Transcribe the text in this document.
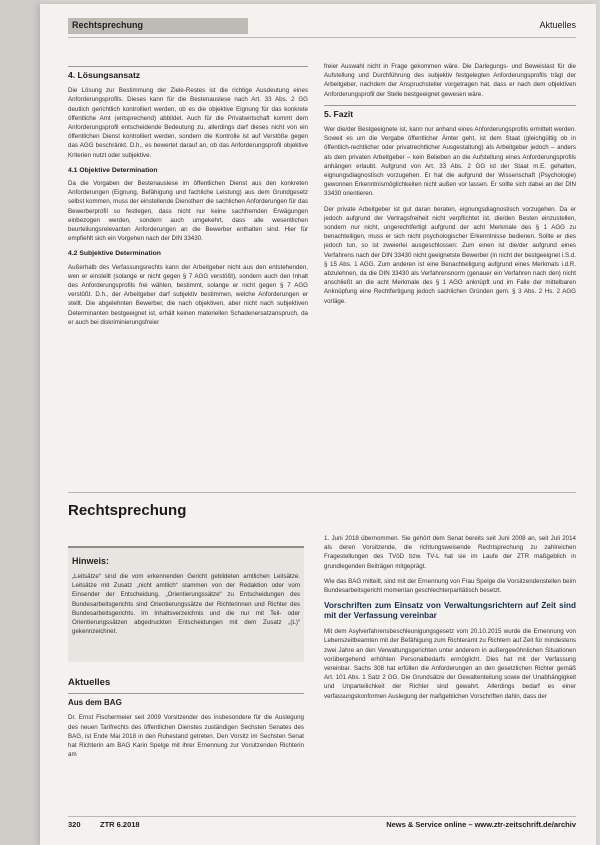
Rechtsprechung	Aktuelles
4. Lösungsansatz

Die Lösung zur Bestimmung der Ziele-Restes ist die richtige Ausdeutung eines Anforderungsprofils. Dieses kann für die Bestenauslese nach Art. 33 Abs. 2 GG deutlich gerichtlich kontrolliert werden, ob es die objektive Eignung für das konkrete öffentliche Amt (entsprechend) abbildet. Auch für die Privatwirtschaft kommt dem Anforderungsprofil entscheidende Bedeutung zu, allerdings darf dieses nicht von ein öffentlichen Dienst kontrolliert werden, sondern die Kontrolle ist auf Verstöße gegen das AGG beschränkt. D.h., es bewertet darauf an, ob das Anforderungsprofil objektive Kriterien nutzt oder subjektive.

4.1 Objektive Determination

Da die Vorgaben der Bestenauslese im öffentlichen Dienst aus den konkreten Anforderungen (Eignung, Befähigung und fachliche Leistung) aus dem Grundgesetz selbst kommen, muss der einstellende Dienstherr die sachlichen Anforderungen für das Bewerberprofil so festlegen, dass nicht nur keine sachfremden Erwägungen einbezogen werden, sondern auch umgekehrt, dass alle wesentlichen beurteilungsrelevanten Anforderungen an die Bewerber enthalten sind. Hier für empfiehlt sich ein Vorgehen nach der DIN 33430.

4.2 Subjektive Determination

Außerhalb des Verfassungsrechts kann der Arbeitgeber nicht aus den entstehenden, wen er einstellt (solange er nicht gegen § 7 AGG verstößt), sondern auch den Inhalt des Anforderungsprofils frei wählen, bestimmt, solange er nicht gegen § 7 AGG verstößt. D.h., der Arbeitgeber darf subjektiv bestimmen, welche Anforderungen er stellt. Die abgelehnten Bewerber, die nach objektiven, aber nicht nach subjektiven Determinanten bestgeeignet ist, erhält keinen materiellen Schadenersatzanspruch, da er auch bei diskriminierungsfreier

freier Auswahl nicht in Frage gekommen wäre. Die Darlegungs- und Beweislast für die Aufstellung und Durchführung des subjektiv festgelegten Anforderungsprofils trägt der Arbeitgeber, nachdem der Anspruchsteller vorgetragen hat, dass er nach dem objektiven Anforderungsprofil der Stelle bestgeeignet gewesen wäre.

5. Fazit

Wer die/der Bestgeeignete ist, kann nur anhand eines Anforderungsprofils ermittelt werden. Soweit es um die Vergabe öffentlicher Ämter geht, ist dem Staat (gleichgültig ob in öffentlich-rechtlicher oder privatrechtlicher Ausgestaltung) als Arbeitgeber jedoch – anders als dem privaten Arbeitgeber – kein Belieben an die Aufstellung eines Anforderungsprofils anhängen erlaubt. Aufgrund von Art. 33 Abs. 2 GG ist der Staat m.E. gehalten, eignungsdiagnostisch vorzugehen. Er hat die aufgrund der Wissenschaft (Psychologie) gewonnen Erkenntnismöglichkeiten nicht außen vor lassen. Er sollte sich dabei an der DIN 33430 orientieren.

Der private Arbeitgeber ist gut daran beraten, eignungsdiagnostisch vorzugehen. Da er jedoch aufgrund der Vertragsfreiheit nicht verpflichtet ist, die/den Besten einzustellen, sondern nur nicht, ungerechtfertigt aufgrund der acht Merkmale des § 1 AGG zu benachteiligen, muss er sich nicht psychologischer Erkenntnisse bedienen. Sollte er dies jedoch tun, so ist zweierlei ausgeschlossen: Zum einen ist die/der aufgrund eines Verfahrens nach der DIN 33430 nicht geeignetste Bewerber (in nicht der bestgeeignet i.S.d. § 15 Abs. 1 AGG. Zum anderen ist eine Benachteiligung aufgrund eines Merkmals i.d.R. abzulehnen, da die DIN 33430 als Verfahrensnorm (genauer ein Verfahren nach den) nicht anschließt an die acht Merkmale des § 1 AGG anknüpft und im Falle der mittelbaren Anknüpfung eine Rechtfertigung jedoch sachlichen Gründen gem. § 3 Abs. 2 Hs. 2 AGG vorläge.

Rechtsprechung
Hinweis:
„Leitsätze“ sind die vom erkennenden Gericht gebildeten amtlichen Leitsätze. Leitsätze mit Zusatz „nicht amtlich“ stammen von der Redaktion oder vom Einsender der Entscheidung. „Orientierungssätze“ zu Entscheidungen des Bundesarbeitsgerichts sind Orientierungssätze der Richterinnen und Richter des Bundesarbeitsgerichts. Im Inhaltsverzeichnis und die nur mit Teil- oder Orientierungssätzen abgedruckten Entscheidungen mit dem Zusatz „(L)“ gekennzeichnet.
Aktuelles
Aus dem BAG

Dr. Ernst Fischermeier seit 2009 Vorsitzender des insbesondere für die Auslegung des neuen Tarifrechts des öffentlichen Dienstes zuständigen Sechsten Senates des BAG, ist Ende Mai 2018 in den Ruhestand getreten. Den Vorsitz im Sechsten Senat hat Richterin am BAG Karin Spelge mit ihrer Ernennung zur Vorsitzenden Richterin am

1. Juni 2018 übernommen. Sie gehört dem Senat bereits seit Juni 2008 an, seit Juli 2014 als deren Vorsitzende, die richtungsweisende Rechtsprechung zu zahlreichen Fragestellungen des TVöD bzw. TV-L hat sie im Laufe der ZTR maßgeblich in grundlegenden Beiträgen mitgeprägt.

Wie das BAG mitteilt, sind mit der Ernennung von Frau Spelge die Vorsitzendenstellen beim Bundesarbeitsgericht momentan geschlechterparitätisch besetzt.

Vorschriften zum Einsatz von Verwaltungsrichtern auf Zeit sind mit der Verfassung vereinbar

Mit dem Asylverfahrensbeschleunigungsgesetz vom 20.10.2015 wurde die Ernennung von Lebenszeitbeamten mit der Befähigung zum Richteramt zu Richtern auf Zeit für mindestens zwei Jahre an den Verwaltungsgerichten unter anderem in außergewöhnlichen Situationen vorübergehend erhöhten Personalbedarfs ermöglicht. Dies hat mit der Verfassung vereinbar. Sachs 308 hat erfüllen die Anforderungen an den gesetzlichen Richter gemäß Art. 101 Abs. 1 Satz 2 GG. Die Grundsätze der Gewaltenteilung sowie der Unabhängigkeit und Unparteilichkeit der Richter sind gewahrt. Allerdings bedarf es einer verfassungskonformen Auslegung der maßgeblichen Vorschriften dahin, dass der

320	ZTR 6.2018	News & Service online – www.ztr-zeitschrift.de/archiv
